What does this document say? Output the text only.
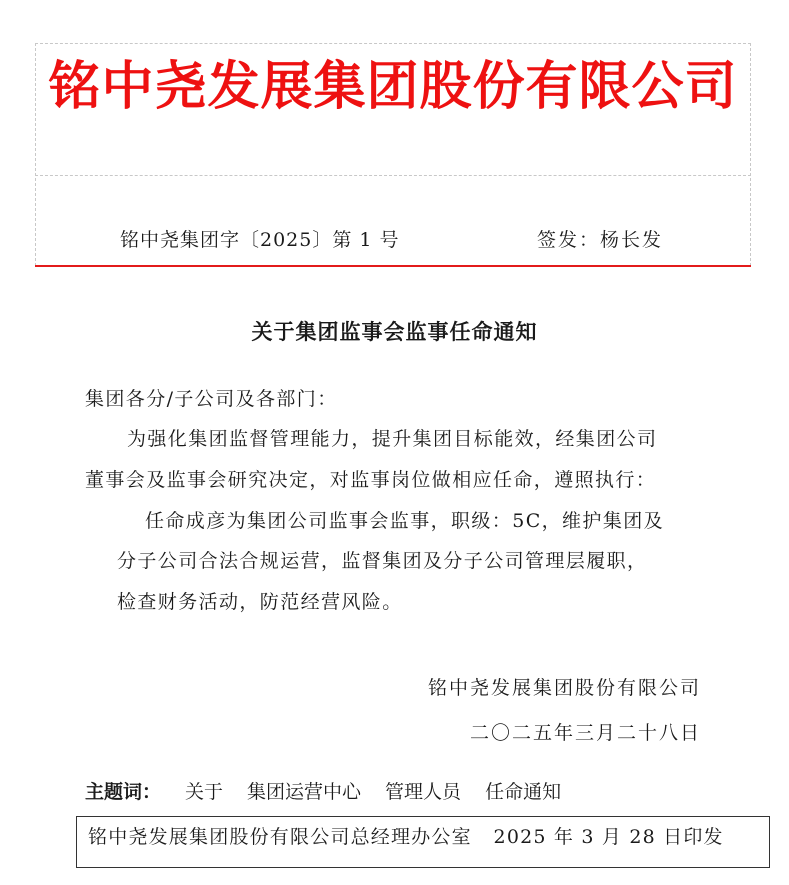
铭中尧发展集团股份有限公司
铭中尧集团字〔2025〕第 1 号	签发：杨长发
关于集团监事会监事任命通知
集团各分/子公司及各部门：
为强化集团监督管理能力，提升集团目标能效，经集团公司
董事会及监事会研究决定，对监事岗位做相应任命，遵照执行：
任命成彦为集团公司监事会监事，职级：5C，维护集团及
分子公司合法合规运营，监督集团及分子公司管理层履职，
检查财务活动，防范经营风险。
铭中尧发展集团股份有限公司
二〇二五年三月二十八日
主题词： 关于 集团运营中心 管理人员 任命通知
铭中尧发展集团股份有限公司总经理办公室 2025 年 3 月 28 日印发
